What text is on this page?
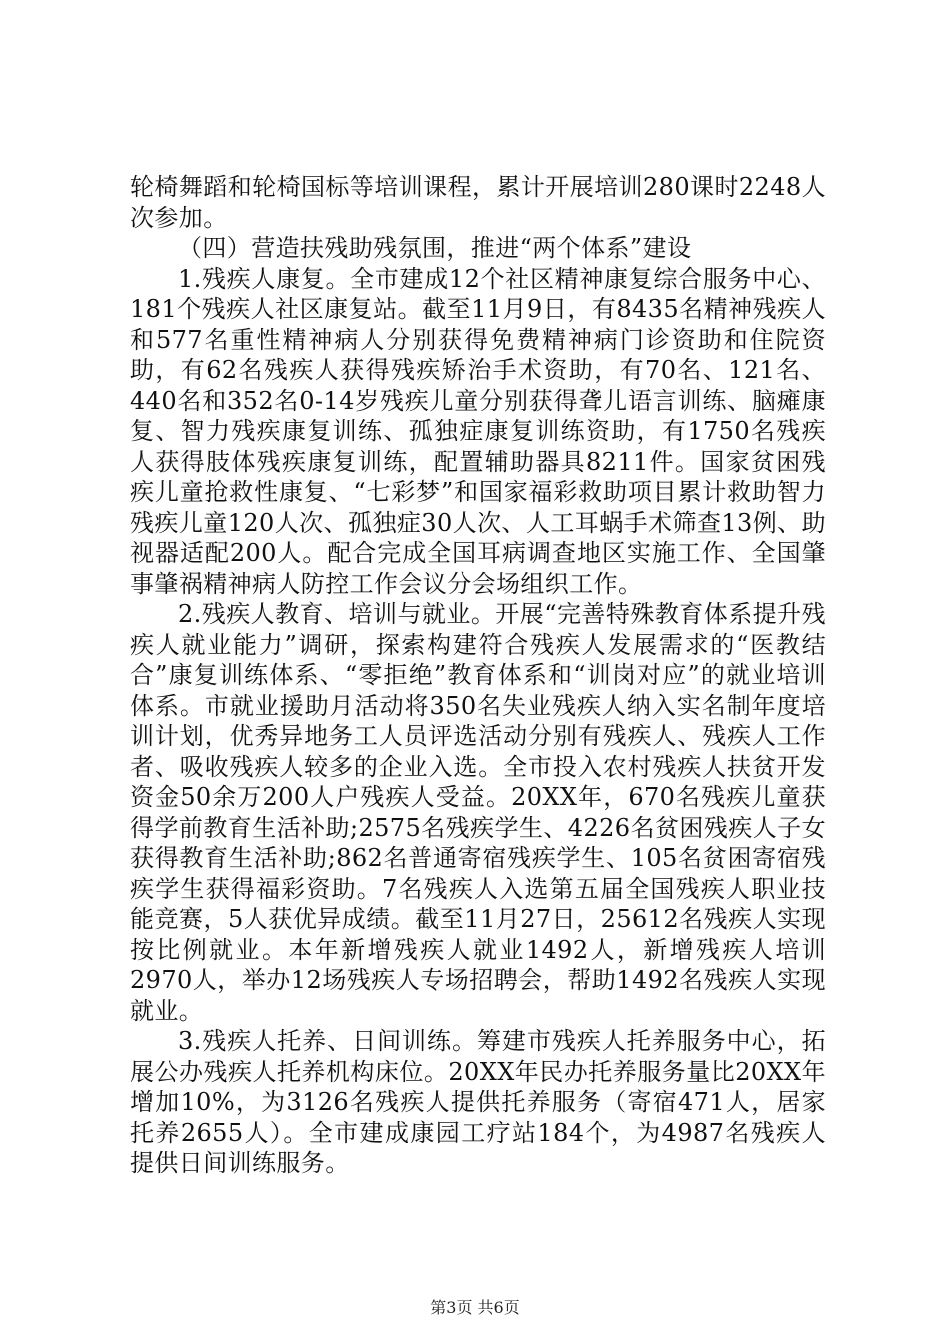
轮椅舞蹈和轮椅国标等培训课程，累计开展培训280课时2248人次参加。

（四）营造扶残助残氛围，推进“两个体系”建设

1.残疾人康复。全市建成12个社区精神康复综合服务中心、181个残疾人社区康复站。截至11月9日，有8435名精神残疾人和577名重性精神病人分别获得免费精神病门诊资助和住院资助，有62名残疾人获得残疾矫治手术资助，有70名、121名、440名和352名0-14岁残疾儿童分别获得聋儿语言训练、脑瘫康复、智力残疾康复训练、孤独症康复训练资助，有1750名残疾人获得肢体残疾康复训练，配置辅助器具8211件。国家贫困残疾儿童抢救性康复、“七彩梦”和国家福彩救助项目累计救助智力残疾儿童120人次、孤独症30人次、人工耳蜗手术筛查13例、助视器适配200人。配合完成全国耳病调查地区实施工作、全国肇事肇祸精神病人防控工作会议分会场组织工作。

2.残疾人教育、培训与就业。开展“完善特殊教育体系提升残疾人就业能力”调研，探索构建符合残疾人发展需求的“医教结合”康复训练体系、“零拒绝”教育体系和“训岗对应”的就业培训体系。市就业援助月活动将350名失业残疾人纳入实名制年度培训计划，优秀异地务工人员评选活动分别有残疾人、残疾人工作者、吸收残疾人较多的企业入选。全市投入农村残疾人扶贫开发资金50余万200人户残疾人受益。20XX年，670名残疾儿童获得学前教育生活补助;2575名残疾学生、4226名贫困残疾人子女获得教育生活补助;862名普通寄宿残疾学生、105名贫困寄宿残疾学生获得福彩资助。7名残疾人入选第五届全国残疾人职业技能竞赛，5人获优异成绩。截至11月27日，25612名残疾人实现按比例就业。本年新增残疾人就业1492人，新增残疾人培训2970人，举办12场残疾人专场招聘会，帮助1492名残疾人实现就业。

3.残疾人托养、日间训练。筹建市残疾人托养服务中心，拓展公办残疾人托养机构床位。20XX年民办托养服务量比20XX年增加10%，为3126名残疾人提供托养服务（寄宿471人，居家托养2655人）。全市建成康园工疗站184个，为4987名残疾人提供日间训练服务。

第3页 共6页
